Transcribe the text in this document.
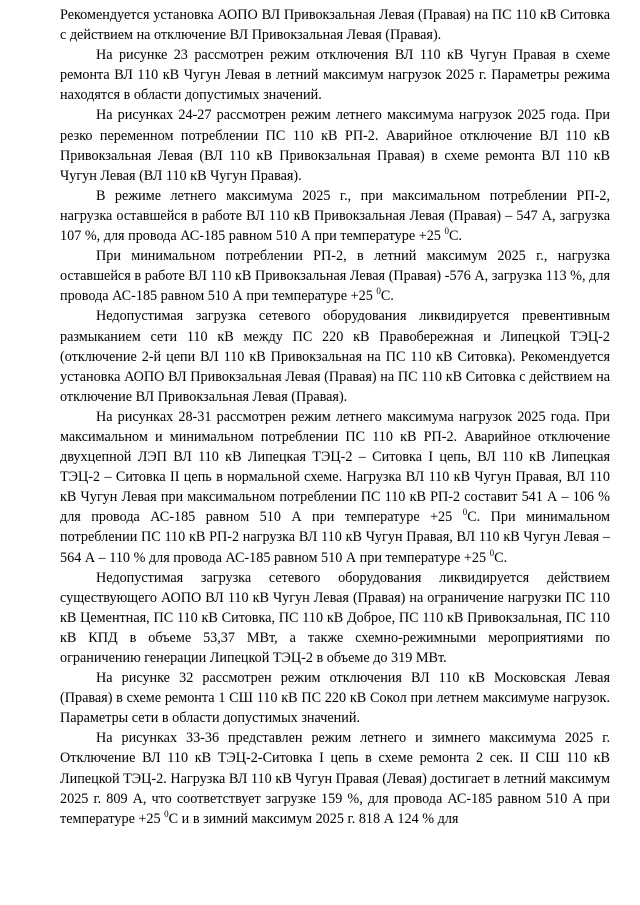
Рекомендуется установка АОПО ВЛ Привокзальная Левая (Правая) на ПС 110 кВ Ситовка с действием на отключение ВЛ Привокзальная Левая (Правая).

На рисунке 23 рассмотрен режим отключения ВЛ 110 кВ Чугун Правая в схеме ремонта ВЛ 110 кВ Чугун Левая в летний максимум нагрузок 2025 г. Параметры режима находятся в области допустимых значений.

На рисунках 24-27 рассмотрен режим летнего максимума нагрузок 2025 года. При резко переменном потреблении ПС 110 кВ РП-2. Аварийное отключение ВЛ 110 кВ Привокзальная Левая (ВЛ 110 кВ Привокзальная Правая) в схеме ремонта ВЛ 110 кВ Чугун Левая (ВЛ 110 кВ Чугун Правая).

В режиме летнего максимума 2025 г., при максимальном потреблении РП-2, нагрузка оставшейся в работе ВЛ 110 кВ Привокзальная Левая (Правая) – 547 А, загрузка 107 %, для провода АС-185 равном 510 А при температуре +25 $^0$С.

При минимальном потреблении РП-2, в летний максимум 2025 г., нагрузка оставшейся в работе ВЛ 110 кВ Привокзальная Левая (Правая) -576 А, загрузка 113 %, для провода АС-185 равном 510 А при температуре +25 $^0$С.

Недопустимая загрузка сетевого оборудования ликвидируется превентивным размыканием сети 110 кВ между ПС 220 кВ Правобережная и Липецкой ТЭЦ-2 (отключение 2-й цепи ВЛ 110 кВ Привокзальная на ПС 110 кВ Ситовка). Рекомендуется установка АОПО ВЛ Привокзальная Левая (Правая) на ПС 110 кВ Ситовка с действием на отключение ВЛ Привокзальная Левая (Правая).

На рисунках 28-31 рассмотрен режим летнего максимума нагрузок 2025 года. При максимальном и минимальном потреблении ПС 110 кВ РП-2. Аварийное отключение двухцепной ЛЭП ВЛ 110 кВ Липецкая ТЭЦ-2 – Ситовка I цепь, ВЛ 110 кВ Липецкая ТЭЦ-2 – Ситовка II цепь в нормальной схеме. Нагрузка ВЛ 110 кВ Чугун Правая, ВЛ 110 кВ Чугун Левая при максимальном потреблении ПС 110 кВ РП-2 составит 541 А – 106 % для провода АС-185 равном 510 А при температуре +25 $^0$С. При минимальном потреблении ПС 110 кВ РП-2 нагрузка ВЛ 110 кВ Чугун Правая, ВЛ 110 кВ Чугун Левая – 564 А – 110 % для провода АС-185 равном 510 А при температуре +25 $^0$С.

Недопустимая загрузка сетевого оборудования ликвидируется действием существующего АОПО ВЛ 110 кВ Чугун Левая (Правая) на ограничение нагрузки ПС 110 кВ Цементная, ПС 110 кВ Ситовка, ПС 110 кВ Доброе, ПС 110 кВ Привокзальная, ПС 110 кВ КПД в объеме 53,37 МВт, а также схемно-режимными мероприятиями по ограничению генерации Липецкой ТЭЦ-2 в объеме до 319 МВт.

На рисунке 32 рассмотрен режим отключения ВЛ 110 кВ Московская Левая (Правая) в схеме ремонта 1 СШ 110 кВ ПС 220 кВ Сокол при летнем максимуме нагрузок. Параметры сети в области допустимых значений.

На рисунках 33-36 представлен режим летнего и зимнего максимума 2025 г. Отключение ВЛ 110 кВ ТЭЦ-2-Ситовка I цепь в схеме ремонта 2 сек. II СШ 110 кВ Липецкой ТЭЦ-2. Нагрузка ВЛ 110 кВ Чугун Правая (Левая) достигает в летний максимум 2025 г. 809 А, что соответствует загрузке 159 %, для провода АС-185 равном 510 А при температуре +25 $^0$С и в зимний максимум 2025 г. 818 А 124 % для
